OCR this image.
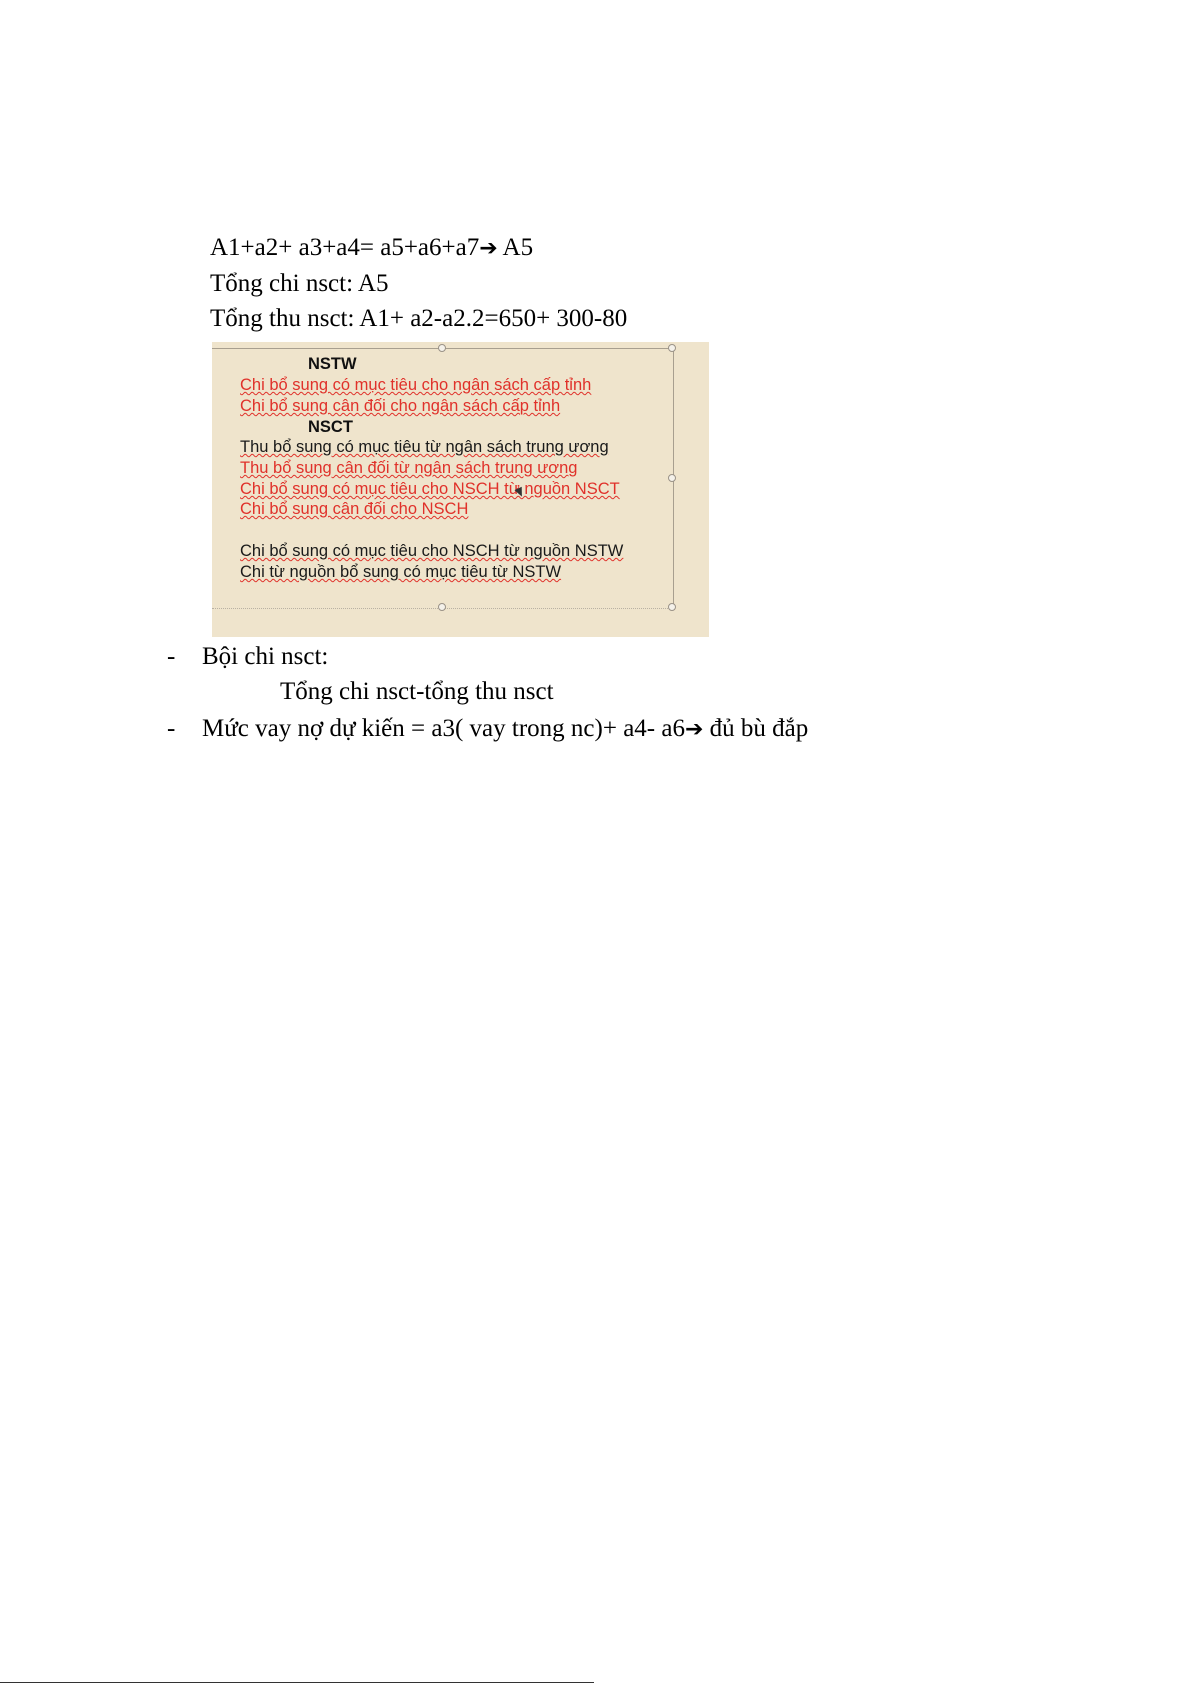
A1+a2+ a3+a4= a5+a6+a7➔ A5
Tổng chi nsct: A5
Tổng thu nsct: A1+ a2-a2.2=650+ 300-80
NSTW
Chi bổ sung có mục tiêu cho ngân sách cấp tỉnh
Chi bổ sung cân đối cho ngân sách cấp tỉnh
NSCT
Thu bổ sung có mục tiêu từ ngân sách trung ương
Thu bổ sung cân đối từ ngân sách trung ương
Chi bổ sung có mục tiêu cho NSCH từ nguồn NSCT
Chi bổ sung cân đối cho NSCH
Chi bổ sung có mục tiêu cho NSCH từ nguồn NSTW
Chi từ nguồn bổ sung có mục tiêu từ NSTW
- Bội chi nsct:
Tổng chi nsct-tổng thu nsct
- Mức vay nợ dự kiến = a3( vay trong nc)+ a4- a6➔ đủ bù đắp
